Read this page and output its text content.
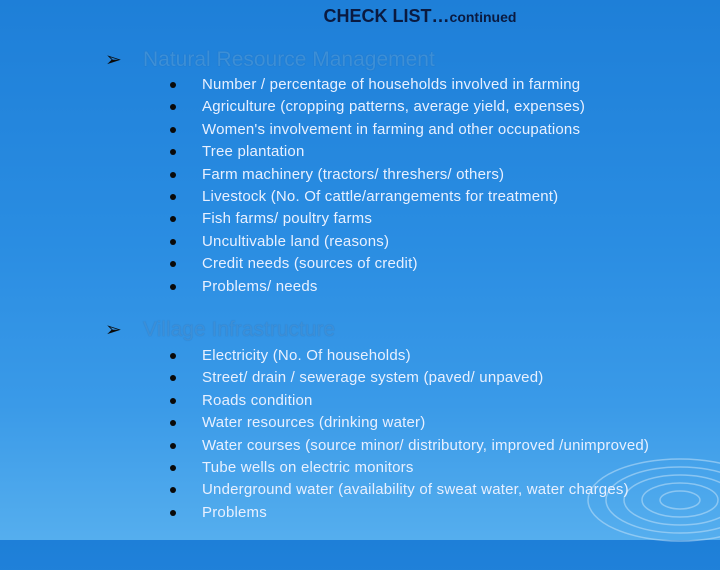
CHECK LIST…continued
➢ Natural Resource Management
Number / percentage of households involved in farming
Agriculture (cropping patterns, average yield, expenses)
Women's involvement in farming and other occupations
Tree plantation
Farm machinery (tractors/ threshers/ others)
Livestock (No. Of cattle/arrangements for treatment)
Fish farms/ poultry farms
Uncultivable land (reasons)
Credit needs (sources of credit)
Problems/ needs
➢ Village Infrastructure
Electricity (No. Of households)
Street/ drain / sewerage system (paved/ unpaved)
Roads condition
Water resources (drinking water)
Water courses (source minor/ distributory, improved /unimproved)
Tube wells on electric monitors
Underground water (availability of sweat water, water charges)
Problems
